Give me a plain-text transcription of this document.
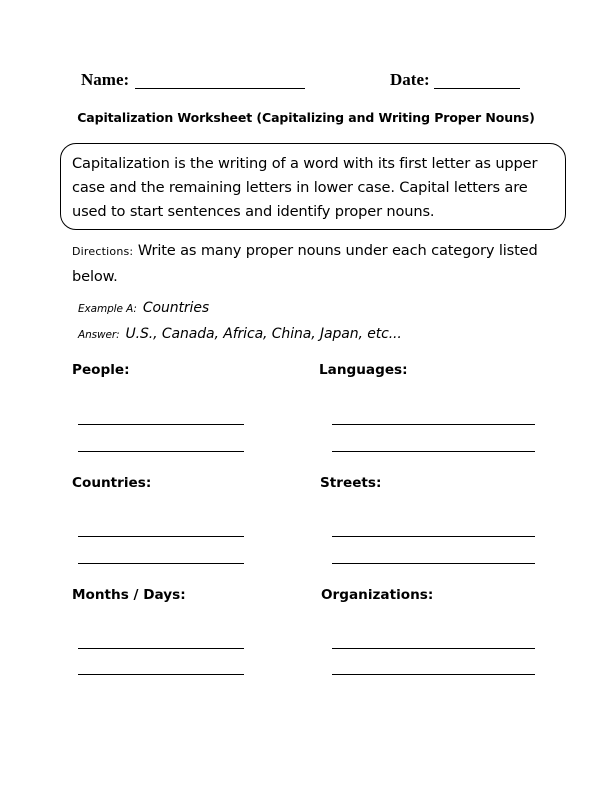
Name:	Date:
Capitalization Worksheet (Capitalizing and Writing Proper Nouns)
Capitalization is the writing of a word with its first letter as upper case and the remaining letters in lower case. Capital letters are used to start sentences and identify proper nouns.
Directions: Write as many proper nouns under each category listed below.
Example A: Countries
Answer: U.S., Canada, Africa, China, Japan, etc...
People:	Languages:
Countries:	Streets:
Months / Days:	Organizations:
